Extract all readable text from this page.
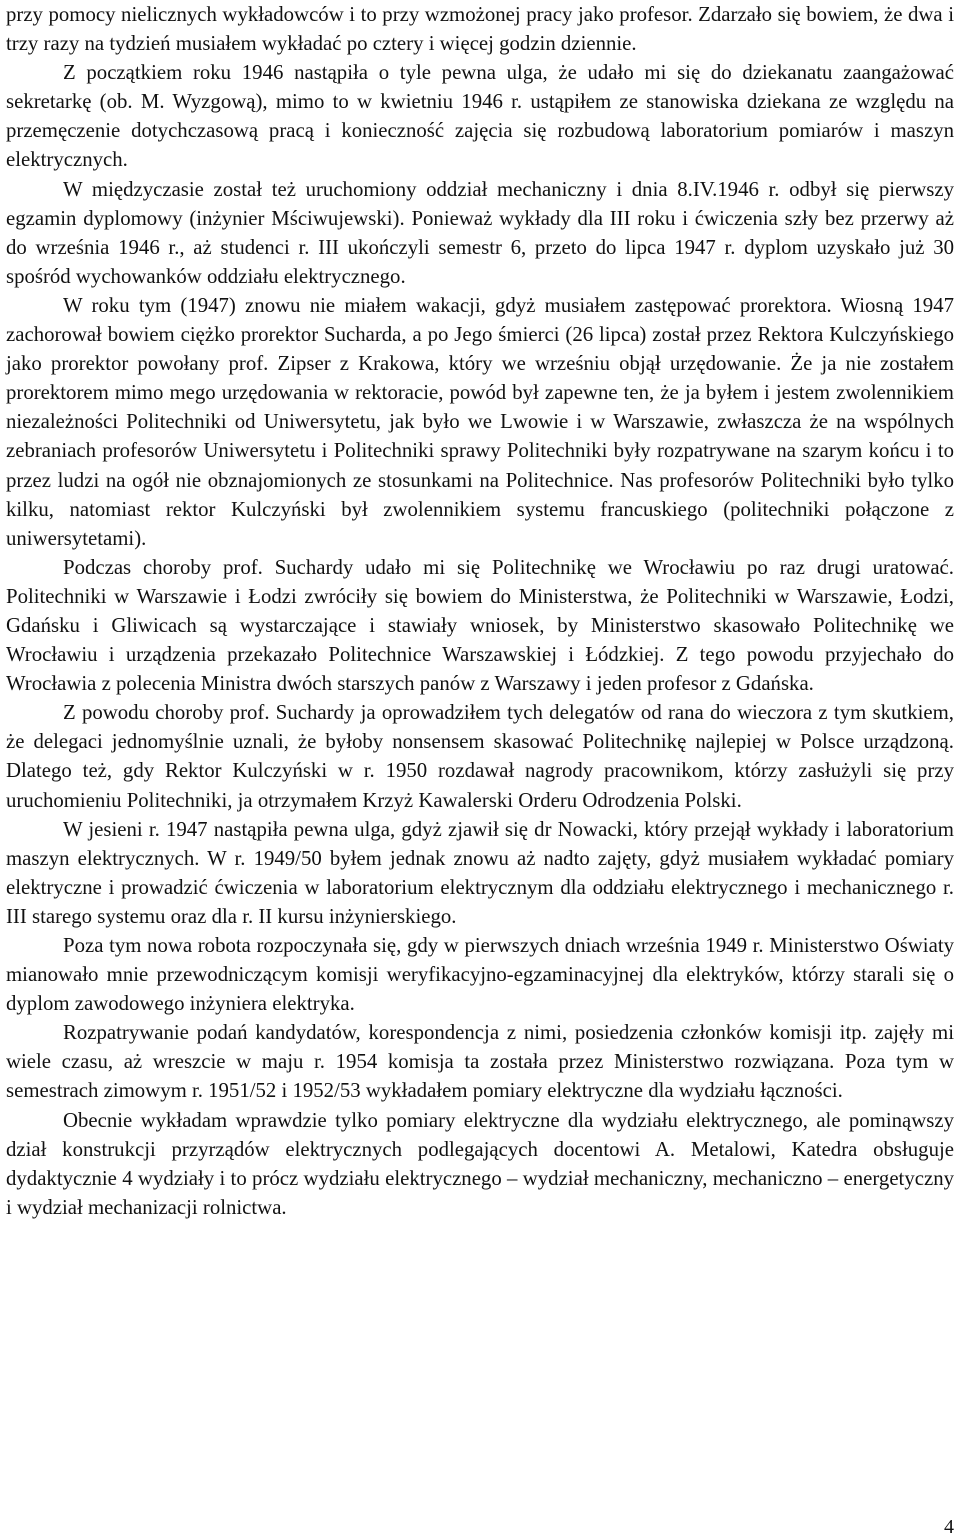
przy pomocy nielicznych wykładowców i to przy wzmożonej pracy jako profesor. Zdarzało się bowiem, że dwa i trzy razy na tydzień musiałem wykładać po cztery i więcej godzin dziennie.

Z początkiem roku 1946 nastąpiła o tyle pewna ulga, że udało mi się do dziekanatu zaangażować sekretarkę (ob. M. Wyzgową), mimo to w kwietniu 1946 r. ustąpiłem ze stanowiska dziekana ze względu na przemęczenie dotychczasową pracą i konieczność zajęcia się rozbudową laboratorium pomiarów i maszyn elektrycznych.

W międzyczasie został też uruchomiony oddział mechaniczny i dnia 8.IV.1946 r. odbył się pierwszy egzamin dyplomowy (inżynier Mściwujewski). Ponieważ wykłady dla III roku i ćwiczenia szły bez przerwy aż do września 1946 r., aż studenci r. III ukończyli semestr 6, przeto do lipca 1947 r. dyplom uzyskało już 30 spośród wychowanków oddziału elektrycznego.

W roku tym (1947) znowu nie miałem wakacji, gdyż musiałem zastępować prorektora. Wiosną 1947 zachorował bowiem ciężko prorektor Sucharda, a po Jego śmierci (26 lipca) został przez Rektora Kulczyńskiego jako prorektor powołany prof. Zipser z Krakowa, który we wrześniu objął urzędowanie. Że ja nie zostałem prorektorem mimo mego urzędowania w rektoracie, powód był zapewne ten, że ja byłem i jestem zwolennikiem niezależności Politechniki od Uniwersytetu, jak było we Lwowie i w Warszawie, zwłaszcza że na wspólnych zebraniach profesorów Uniwersytetu i Politechniki sprawy Politechniki były rozpatrywane na szarym końcu i to przez ludzi na ogół nie obznajomionych ze stosunkami na Politechnice. Nas profesorów Politechniki było tylko kilku, natomiast rektor Kulczyński był zwolennikiem systemu francuskiego (politechniki połączone z uniwersytetami).

Podczas choroby prof. Suchardy udało mi się Politechnikę we Wrocławiu po raz drugi uratować. Politechniki w Warszawie i Łodzi zwróciły się bowiem do Ministerstwa, że Politechniki w Warszawie, Łodzi, Gdańsku i Gliwicach są wystarczające i stawiały wniosek, by Ministerstwo skasowało Politechnikę we Wrocławiu i urządzenia przekazało Politechnice Warszawskiej i Łódzkiej. Z tego powodu przyjechało do Wrocławia z polecenia Ministra dwóch starszych panów z Warszawy i jeden profesor z Gdańska.

Z powodu choroby prof. Suchardy ja oprowadziłem tych delegatów od rana do wieczora z tym skutkiem, że delegaci jednomyślnie uznali, że byłoby nonsensem skasować Politechnikę najlepiej w Polsce urządzoną. Dlatego też, gdy Rektor Kulczyński w r. 1950 rozdawał nagrody pracownikom, którzy zasłużyli się przy uruchomieniu Politechniki, ja otrzymałem Krzyż Kawalerski Orderu Odrodzenia Polski.

W jesieni r. 1947 nastąpiła pewna ulga, gdyż zjawił się dr Nowacki, który przejął wykłady i laboratorium maszyn elektrycznych. W r. 1949/50 byłem jednak znowu aż nadto zajęty, gdyż musiałem wykładać pomiary elektryczne i prowadzić ćwiczenia w laboratorium elektrycznym dla oddziału elektrycznego i mechanicznego r. III starego systemu oraz dla r. II kursu inżynierskiego.

Poza tym nowa robota rozpoczynała się, gdy w pierwszych dniach września 1949 r. Ministerstwo Oświaty mianowało mnie przewodniczącym komisji weryfikacyjno-egzaminacyjnej dla elektryków, którzy starali się o dyplom zawodowego inżyniera elektryka.

Rozpatrywanie podań kandydatów, korespondencja z nimi, posiedzenia członków komisji itp. zajęły mi wiele czasu, aż wreszcie w maju r. 1954 komisja ta została przez Ministerstwo rozwiązana. Poza tym w semestrach zimowym r. 1951/52 i 1952/53 wykładałem pomiary elektryczne dla wydziału łączności.

Obecnie wykładam wprawdzie tylko pomiary elektryczne dla wydziału elektrycznego, ale pominąwszy dział konstrukcji przyrządów elektrycznych podlegających docentowi A. Metalowi, Katedra obsługuje dydaktycznie 4 wydziały i to prócz wydziału elektrycznego – wydział mechaniczny, mechaniczno – energetyczny i wydział mechanizacji rolnictwa.

4
